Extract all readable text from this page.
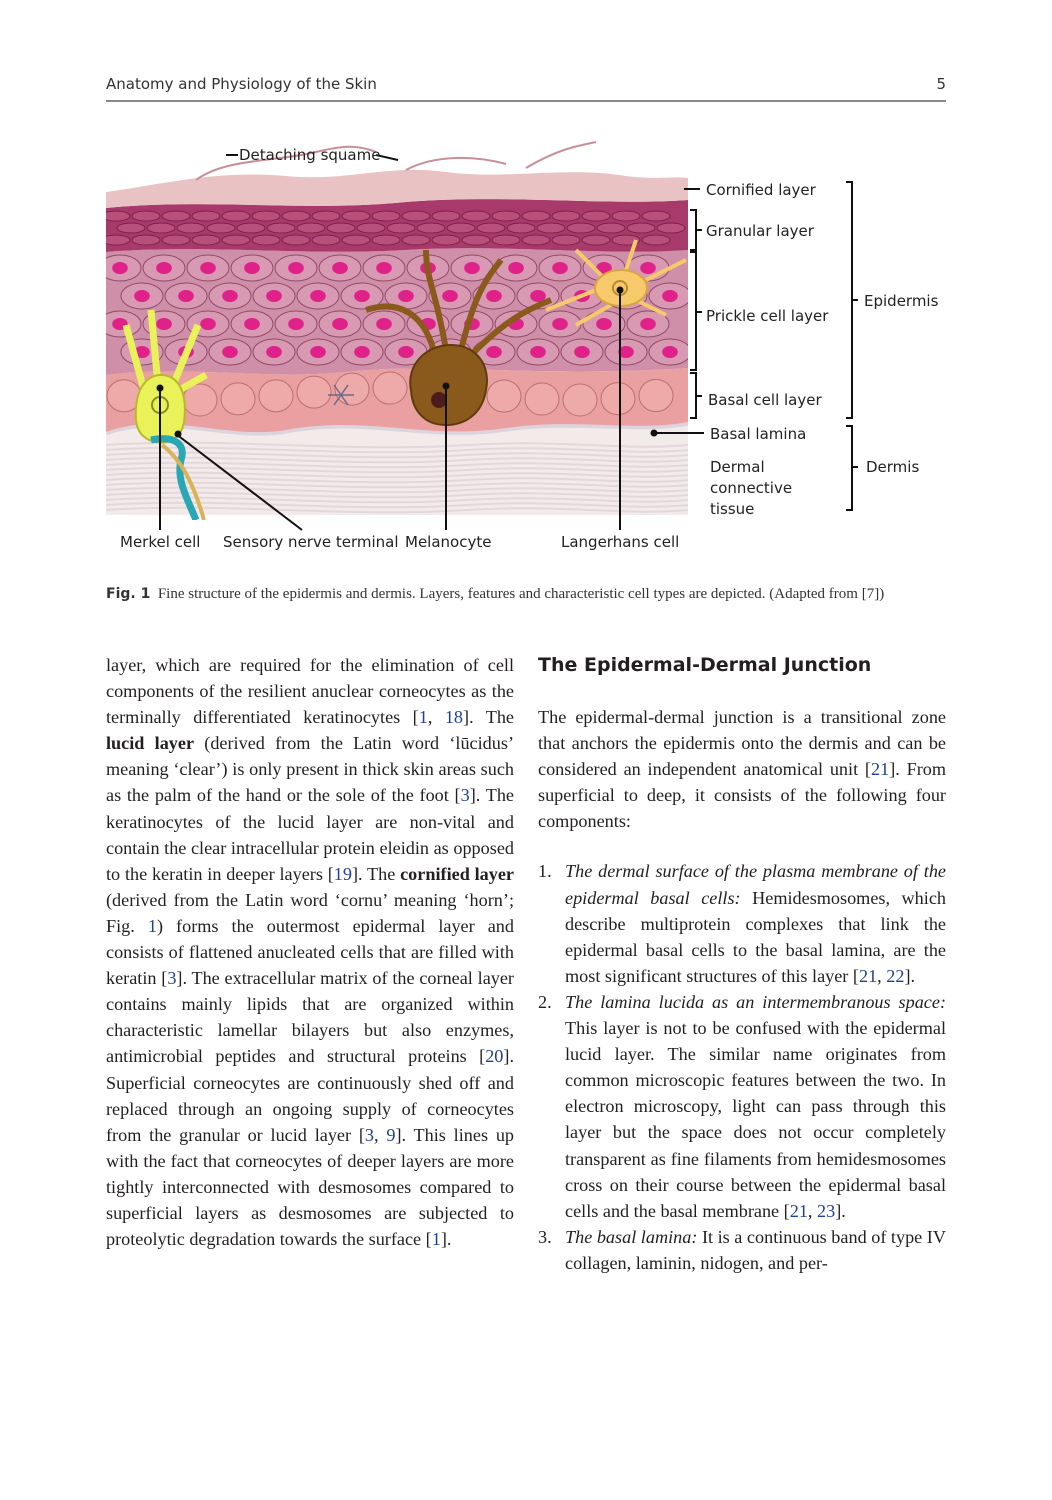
Anatomy and Physiology of the Skin	5
Detaching squame
Cornified layer
Granular layer
Prickle cell layer
Basal cell layer
Basal lamina
Dermal
connective
tissue
Epidermis
Dermis
Merkel cell Sensory nerve terminal Melanocyte	Langerhans cell
Fig. 1 Fine structure of the epidermis and dermis. Layers, features and characteristic cell types are depicted. (Adapted from [7])

layer, which are required for the elimination of cell components of the resilient anuclear corneocytes as the terminally differentiated keratinocytes [1, 18]. The lucid layer (derived from the Latin word ‘lūcidus’ meaning ‘clear’) is only present in thick skin areas such as the palm of the hand or the sole of the foot [3]. The keratinocytes of the lucid layer are non-vital and contain the clear intracellular protein eleidin as opposed to the keratin in deeper layers [19]. The cornified layer (derived from the Latin word ‘cornu’ meaning ‘horn’; Fig. 1) forms the outermost epidermal layer and consists of flattened anucleated cells that are filled with keratin [3]. The extracellular matrix of the corneal layer contains mainly lipids that are organized within characteristic lamellar bilayers but also enzymes, antimicrobial peptides and structural proteins [20]. Superficial corneocytes are continuously shed off and replaced through an ongoing supply of corneocytes from the granular or lucid layer [3, 9]. This lines up with the fact that corneocytes of deeper layers are more tightly interconnected with desmosomes compared to superficial layers as desmosomes are subjected to proteolytic degradation towards the surface [1].

The Epidermal-Dermal Junction

The epidermal-dermal junction is a transitional zone that anchors the epidermis onto the dermis and can be considered an independent anatomical unit [21]. From superficial to deep, it consists of the following four components:

1. The dermal surface of the plasma membrane of the epidermal basal cells: Hemidesmosomes, which describe multiprotein complexes that link the epidermal basal cells to the basal lamina, are the most significant structures of this layer [21, 22].
2. The lamina lucida as an intermembranous space: This layer is not to be confused with the epidermal lucid layer. The similar name originates from common microscopic features between the two. In electron microscopy, light can pass through this layer but the space does not occur completely transparent as fine filaments from hemidesmosomes cross on their course between the epidermal basal cells and the basal membrane [21, 23].
3. The basal lamina: It is a continuous band of type IV collagen, laminin, nidogen, and per-
